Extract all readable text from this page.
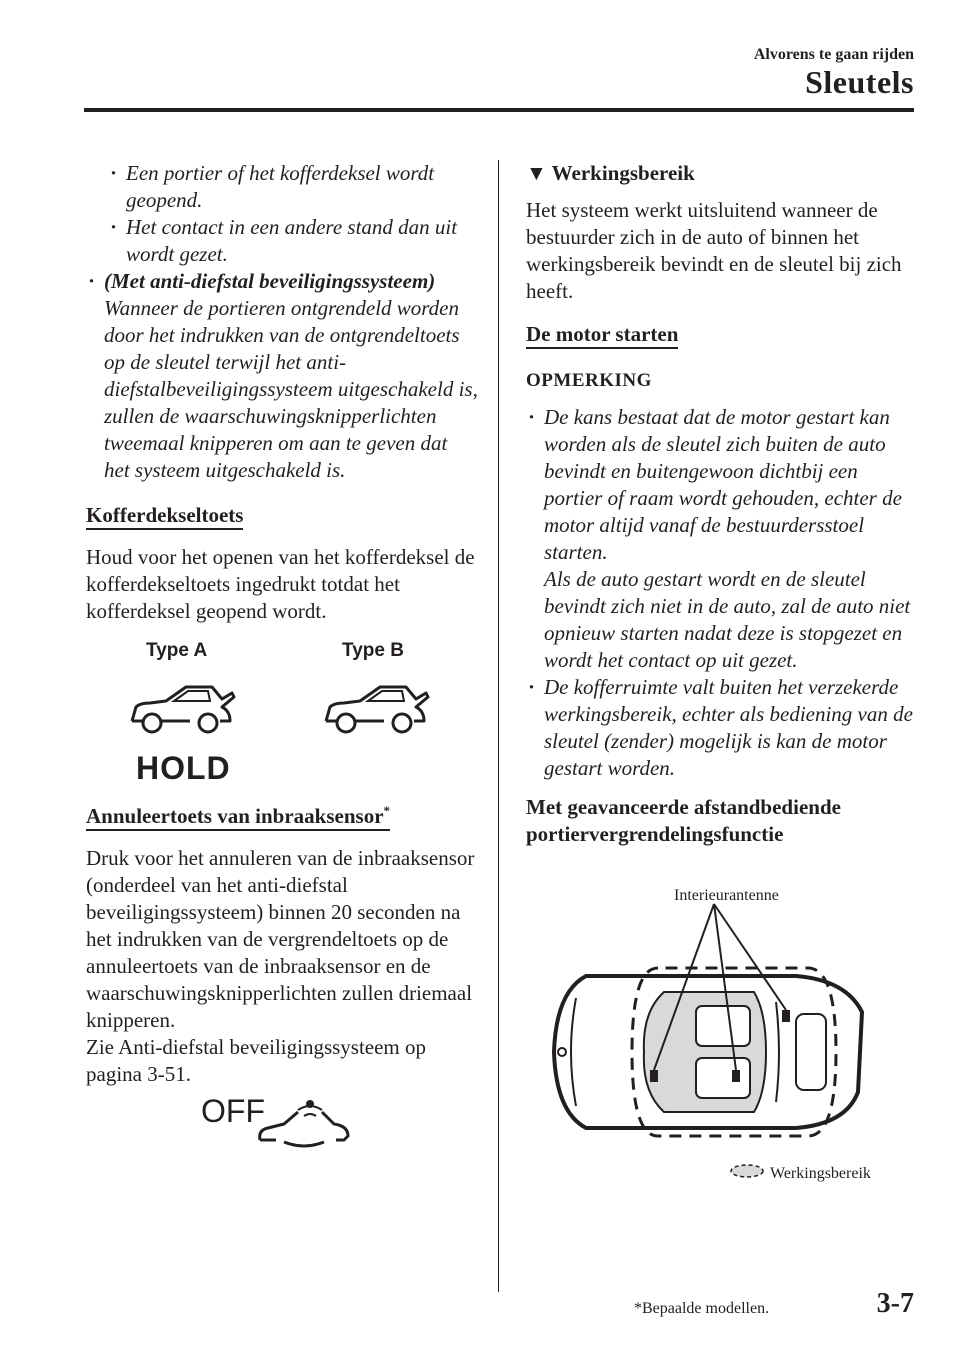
Alvorens te gaan rijden
Sleutels

· Een portier of het kofferdeksel wordt geopend.

· Het contact in een andere stand dan uit wordt gezet.

· (Met anti-diefstal beveiligingssysteem)
Wanneer de portieren ontgrendeld worden door het indrukken van de ontgrendeltoets op de sleutel terwijl het anti-diefstalbeveiligingssysteem uitgeschakeld is, zullen de waarschuwingsknipperlichten tweemaal knipperen om aan te geven dat het systeem uitgeschakeld is.

Kofferdekseltoets

Houd voor het openen van het kofferdeksel de kofferdekseltoets ingedrukt totdat het kofferdeksel geopend wordt.

Type A	Type B
HOLD

Annuleertoets van inbraaksensor*

Druk voor het annuleren van de inbraaksensor (onderdeel van het anti-diefstal beveiligingssysteem) binnen 20 seconden na het indrukken van de vergrendeltoets op de annuleertoets van de inbraaksensor en de waarschuwingsknipperlichten zullen driemaal knipperen.

Zie Anti-diefstal beveiligingssysteem op pagina 3-51.

OFF

▼ Werkingsbereik

Het systeem werkt uitsluitend wanneer de bestuurder zich in de auto of binnen het werkingsbereik bevindt en de sleutel bij zich heeft.

De motor starten

OPMERKING

· De kans bestaat dat de motor gestart kan worden als de sleutel zich buiten de auto bevindt en buitengewoon dichtbij een portier of raam wordt gehouden, echter de motor altijd vanaf de bestuurdersstoel starten.
Als de auto gestart wordt en de sleutel bevindt zich niet in de auto, zal de auto niet opnieuw starten nadat deze is stopgezet en wordt het contact op uit gezet.

· De kofferruimte valt buiten het verzekerde werkingsbereik, echter als bediening van de sleutel (zender) mogelijk is kan de motor gestart worden.

Met geavanceerde afstandbediende portiervergrendelingsfunctie

Interieurantenne
Werkingsbereik
*Bepaalde modellen.	3-7
